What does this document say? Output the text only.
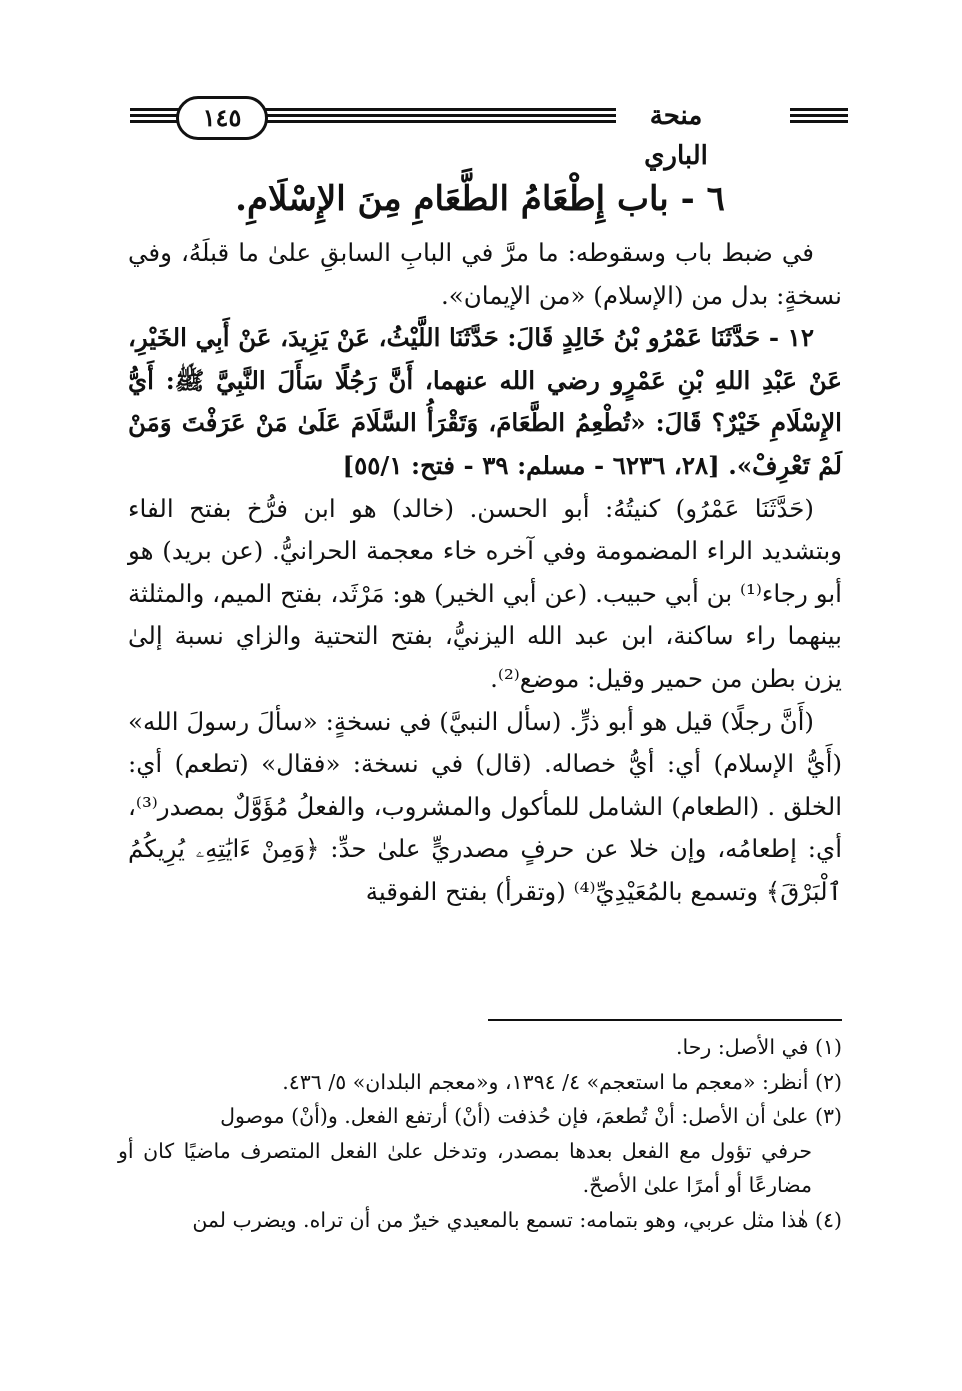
١٤٥	منحة الباري
٦ - باب إِطْعَامُ الطَّعَامِ مِنَ الإِسْلَامِ.

في ضبط باب وسقوطه: ما مرَّ في البابِ السابقِ علىٰ ما قبلَهُ، وفي نسخةٍ: بدل من (الإسلام) «من الإيمان».

١٢ - حَدَّثَنَا عَمْرُو بْنُ خَالِدٍ قَالَ: حَدَّثَنَا اللَّيْثُ، عَنْ يَزِيدَ، عَنْ أَبِي الخَيْرِ، عَنْ عَبْدِ اللهِ بْنِ عَمْرٍو رضي الله عنهما، أَنَّ رَجُلًا سَأَلَ النَّبِيَّ ﷺ: أَيُّ الإِسْلَامِ خَيْرٌ؟ قَالَ: «تُطْعِمُ الطَّعَامَ، وَتَقْرَأُ السَّلَامَ عَلَىٰ مَنْ عَرَفْتَ وَمَنْ لَمْ تَعْرِفْ». [٢٨، ٦٢٣٦ - مسلم: ٣٩ - فتح: ٥٥/١]

(حَدَّثَنَا عَمْرُو) كنيتُهُ: أبو الحسن. (خالد) هو ابن فرُّخ بفتح الفاء وبتشديد الراء المضمومة وفي آخره خاء معجمة الحرانيُّ. (عن بريد) هو أبو رجاء⁽¹⁾ بن أبي حبيب. (عن أبي الخير) هو: مَرْثَد، بفتح الميم، والمثلثة بينهما راء ساكنة، ابن عبد الله اليزنيُّ، بفتح التحتية والزاي نسبة إلىٰ يزن بطن من حمير وقيل: موضع⁽²⁾.

(أَنَّ رجلًا) قيل هو أبو ذرٍّ. (سأل النبيَّ) في نسخةٍ: «سألَ رسولَ الله» (أَيُّ الإسلام) أي: أيُّ خصاله. (قال) في نسخة: «فقال» (تطعم) أي: الخلق . (الطعام) الشامل للمأكول والمشروب، والفعلُ مُؤَوَّلٌ بمصدر⁽³⁾، أي: إطعامُه، وإن خلا عن حرفٍ مصدريٍّ علىٰ حدِّ: ﴿وَمِنْ ءَايَٰتِهِۦ يُرِيكُمُ ٱلْبَرْقَ﴾ وتسمع بالمُعَيْدِيِّ⁽⁴⁾ (وتقرأ) بفتح الفوقية

(١) في الأصل: رحا.

(٢) أنظر: «معجم ما استعجم» ٤/ ١٣٩٤، و«معجم البلدان» ٥/ ٤٣٦.

(٣) علىٰ أن الأصل: أنْ تُطعمَ، فإن حُذفت (أنْ) أرتفع الفعل. و(أنْ) موصول

حرفي تؤول مع الفعل بعدها بمصدر، وتدخل علىٰ الفعل المتصرف ماضيًا كان أو مضارعًا أو أمرًا علىٰ الأصحّ.

(٤) هٰذا مثل عربي، وهو بتمامه: تسمع بالمعيدي خيرٌ من أن تراه. ويضرب لمن
